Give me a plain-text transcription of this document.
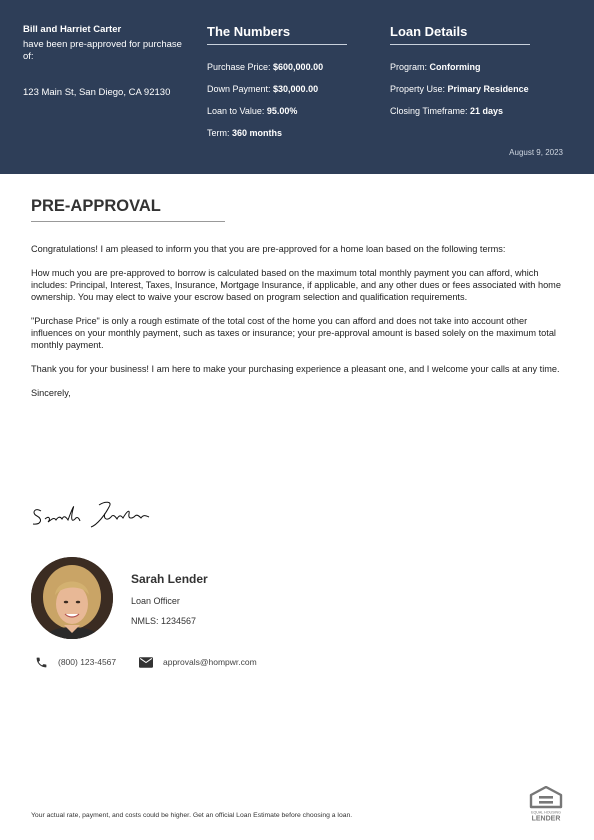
Bill and Harriet Carter
have been pre-approved for purchase of:
123 Main St, San Diego, CA 92130
The Numbers
Purchase Price: $600,000.00
Down Payment: $30,000.00
Loan to Value: 95.00%
Term: 360 months
Loan Details
Program: Conforming
Property Use: Primary Residence
Closing Timeframe: 21 days
August 9, 2023
PRE-APPROVAL

Congratulations! I am pleased to inform you that you are pre-approved for a home loan based on the following terms:

How much you are pre-approved to borrow is calculated based on the maximum total monthly payment you can afford, which includes: Principal, Interest, Taxes, Insurance, Mortgage Insurance, if applicable, and any other dues or fees associated with home ownership. You may elect to waive your escrow based on program selection and qualification requirements.

"Purchase Price" is only a rough estimate of the total cost of the home you can afford and does not take into account other influences on your monthly payment, such as taxes or insurance; your pre-approval amount is based solely on the maximum total monthly payment.

Thank you for your business! I am here to make your purchasing experience a pleasant one, and I welcome your calls at any time.

Sincerely,

Sarah Lender
Loan Officer
NMLS: 1234567
(800) 123-4567	approvals@hompwr.com
Your actual rate, payment, and costs could be higher. Get an official Loan Estimate before choosing a loan.	EQUAL HOUSING
LENDER
